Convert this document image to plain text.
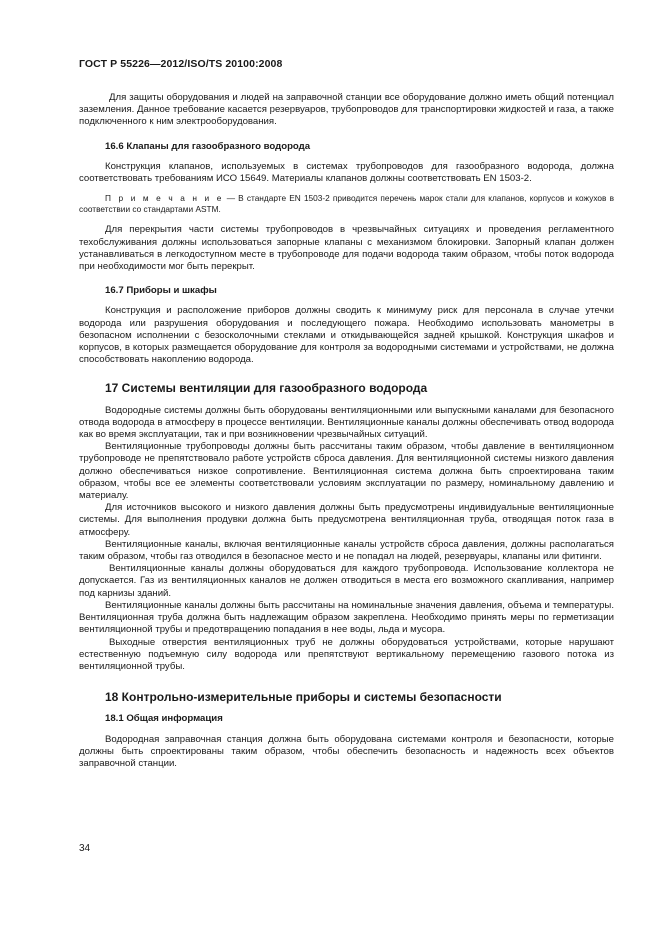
ГОСТ Р 55226—2012/ISO/TS 20100:2008

Для защиты оборудования и людей на заправочной станции все оборудование должно иметь общий потенциал заземления. Данное требование касается резервуаров, трубопроводов для транспортировки жидкостей и газа, а также подключенного к ним электрооборудования.

16.6 Клапаны для газообразного водорода

Конструкция клапанов, используемых в системах трубопроводов для газообразного водорода, должна соответствовать требованиям ИСО 15649. Материалы клапанов должны соответствовать EN 1503-2.

П р и м е ч а н и е — В стандарте EN 1503-2 приводится перечень марок стали для клапанов, корпусов и кожухов в соответствии со стандартами ASTM.

Для перекрытия части системы трубопроводов в чрезвычайных ситуациях и проведения регламентного техобслуживания должны использоваться запорные клапаны с механизмом блокировки. Запорный клапан должен устанавливаться в легкодоступном месте в трубопроводе для подачи водорода таким образом, чтобы поток водорода при необходимости мог быть перекрыт.

16.7 Приборы и шкафы

Конструкция и расположение приборов должны сводить к минимуму риск для персонала в случае утечки водорода или разрушения оборудования и последующего пожара. Необходимо использовать манометры в безопасном исполнении с безосколочными стеклами и откидывающейся задней крышкой. Конструкция шкафов и корпусов, в которых размещается оборудование для контроля за водородными системами и устройствами, не должна способствовать накоплению водорода.

17 Системы вентиляции для газообразного водорода

Водородные системы должны быть оборудованы вентиляционными или выпускными каналами для безопасного отвода водорода в атмосферу в процессе вентиляции. Вентиляционные каналы должны обеспечивать отвод водорода как во время эксплуатации, так и при возникновении чрезвычайных ситуаций.

Вентиляционные трубопроводы должны быть рассчитаны таким образом, чтобы давление в вентиляционном трубопроводе не препятствовало работе устройств сброса давления. Для вентиляционной системы низкого давления должно обеспечиваться низкое сопротивление. Вентиляционная система должна быть спроектирована таким образом, чтобы все ее элементы соответствовали условиям эксплуатации по размеру, номинальному давлению и материалу.

Для источников высокого и низкого давления должны быть предусмотрены индивидуальные вентиляционные системы. Для выполнения продувки должна быть предусмотрена вентиляционная труба, отводящая поток газа в атмосферу.

Вентиляционные каналы, включая вентиляционные каналы устройств сброса давления, должны располагаться таким образом, чтобы газ отводился в безопасное место и не попадал на людей, резервуары, клапаны или фитинги.

Вентиляционные каналы должны оборудоваться для каждого трубопровода. Использование коллектора не допускается. Газ из вентиляционных каналов не должен отводиться в места его возможного скапливания, например под карнизы зданий.

Вентиляционные каналы должны быть рассчитаны на номинальные значения давления, объема и температуры. Вентиляционная труба должна быть надлежащим образом закреплена. Необходимо принять меры по герметизации вентиляционной трубы и предотвращению попадания в нее воды, льда и мусора.

Выходные отверстия вентиляционных труб не должны оборудоваться устройствами, которые нарушают естественную подъемную силу водорода или препятствуют вертикальному перемещению газового потока из вентиляционной трубы.

18 Контрольно-измерительные приборы и системы безопасности
18.1 Общая информация

Водородная заправочная станция должна быть оборудована системами контроля и безопасности, которые должны быть спроектированы таким образом, чтобы обеспечить безопасность и надежность всех объектов заправочной станции.

34
